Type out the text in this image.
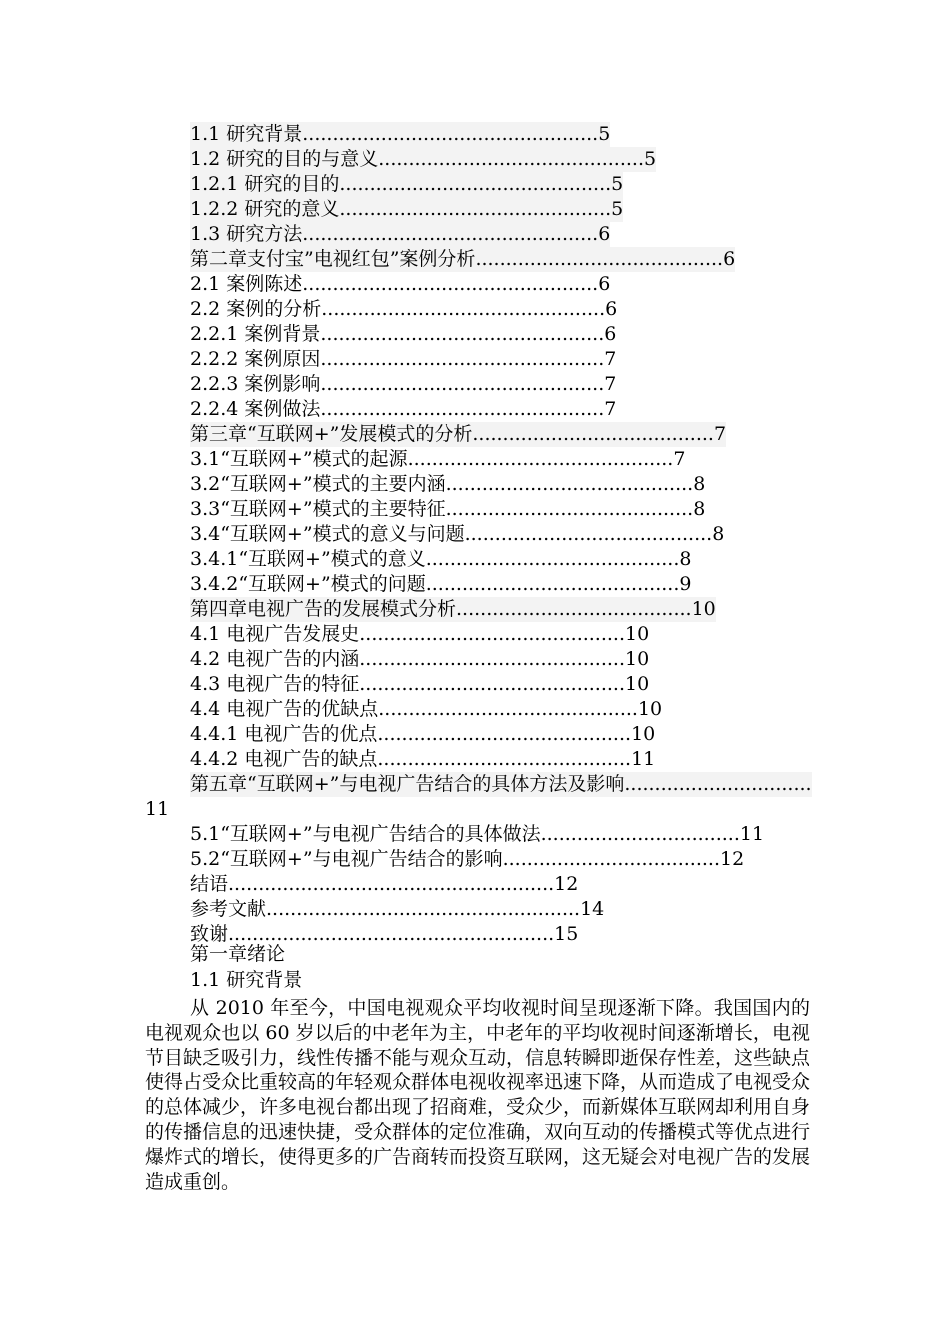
1.1 研究背景.................................................5
1.2 研究的目的与意义............................................5
1.2.1 研究的目的.............................................5
1.2.2 研究的意义.............................................5
1.3 研究方法.................................................6
第二章支付宝”电视红包”案例分析.........................................6
2.1 案例陈述.................................................6
2.2 案例的分析...............................................6
2.2.1 案例背景...............................................6
2.2.2 案例原因...............................................7
2.2.3 案例影响...............................................7
2.2.4 案例做法...............................................7
第三章“互联网+”发展模式的分析........................................7
3.1“互联网+”模式的起源............................................7
3.2“互联网+”模式的主要内涵.........................................8
3.3“互联网+”模式的主要特征.........................................8
3.4“互联网+”模式的意义与问题.........................................8
3.4.1“互联网+”模式的意义..........................................8
3.4.2“互联网+”模式的问题..........................................9
第四章电视广告的发展模式分析.......................................10
4.1 电视广告发展史............................................10
4.2 电视广告的内涵............................................10
4.3 电视广告的特征............................................10
4.4 电视广告的优缺点...........................................10
4.4.1 电视广告的优点..........................................10
4.4.2 电视广告的缺点..........................................11
第五章“互联网+”与电视广告结合的具体方法及影响...............................
11
5.1“互联网+”与电视广告结合的具体做法.................................11
5.2“互联网+”与电视广告结合的影响....................................12
结语......................................................12
参考文献....................................................14
致谢......................................................15
第一章绪论
1.1 研究背景

从 2010 年至今，中国电视观众平均收视时间呈现逐渐下降。我国国内的电视观众也以 60 岁以后的中老年为主，中老年的平均收视时间逐渐增长，电视节目缺乏吸引力，线性传播不能与观众互动，信息转瞬即逝保存性差，这些缺点使得占受众比重较高的年轻观众群体电视收视率迅速下降，从而造成了电视受众的总体减少，许多电视台都出现了招商难，受众少，而新媒体互联网却利用自身的传播信息的迅速快捷，受众群体的定位准确，双向互动的传播模式等优点进行爆炸式的增长，使得更多的广告商转而投资互联网，这无疑会对电视广告的发展造成重创。
